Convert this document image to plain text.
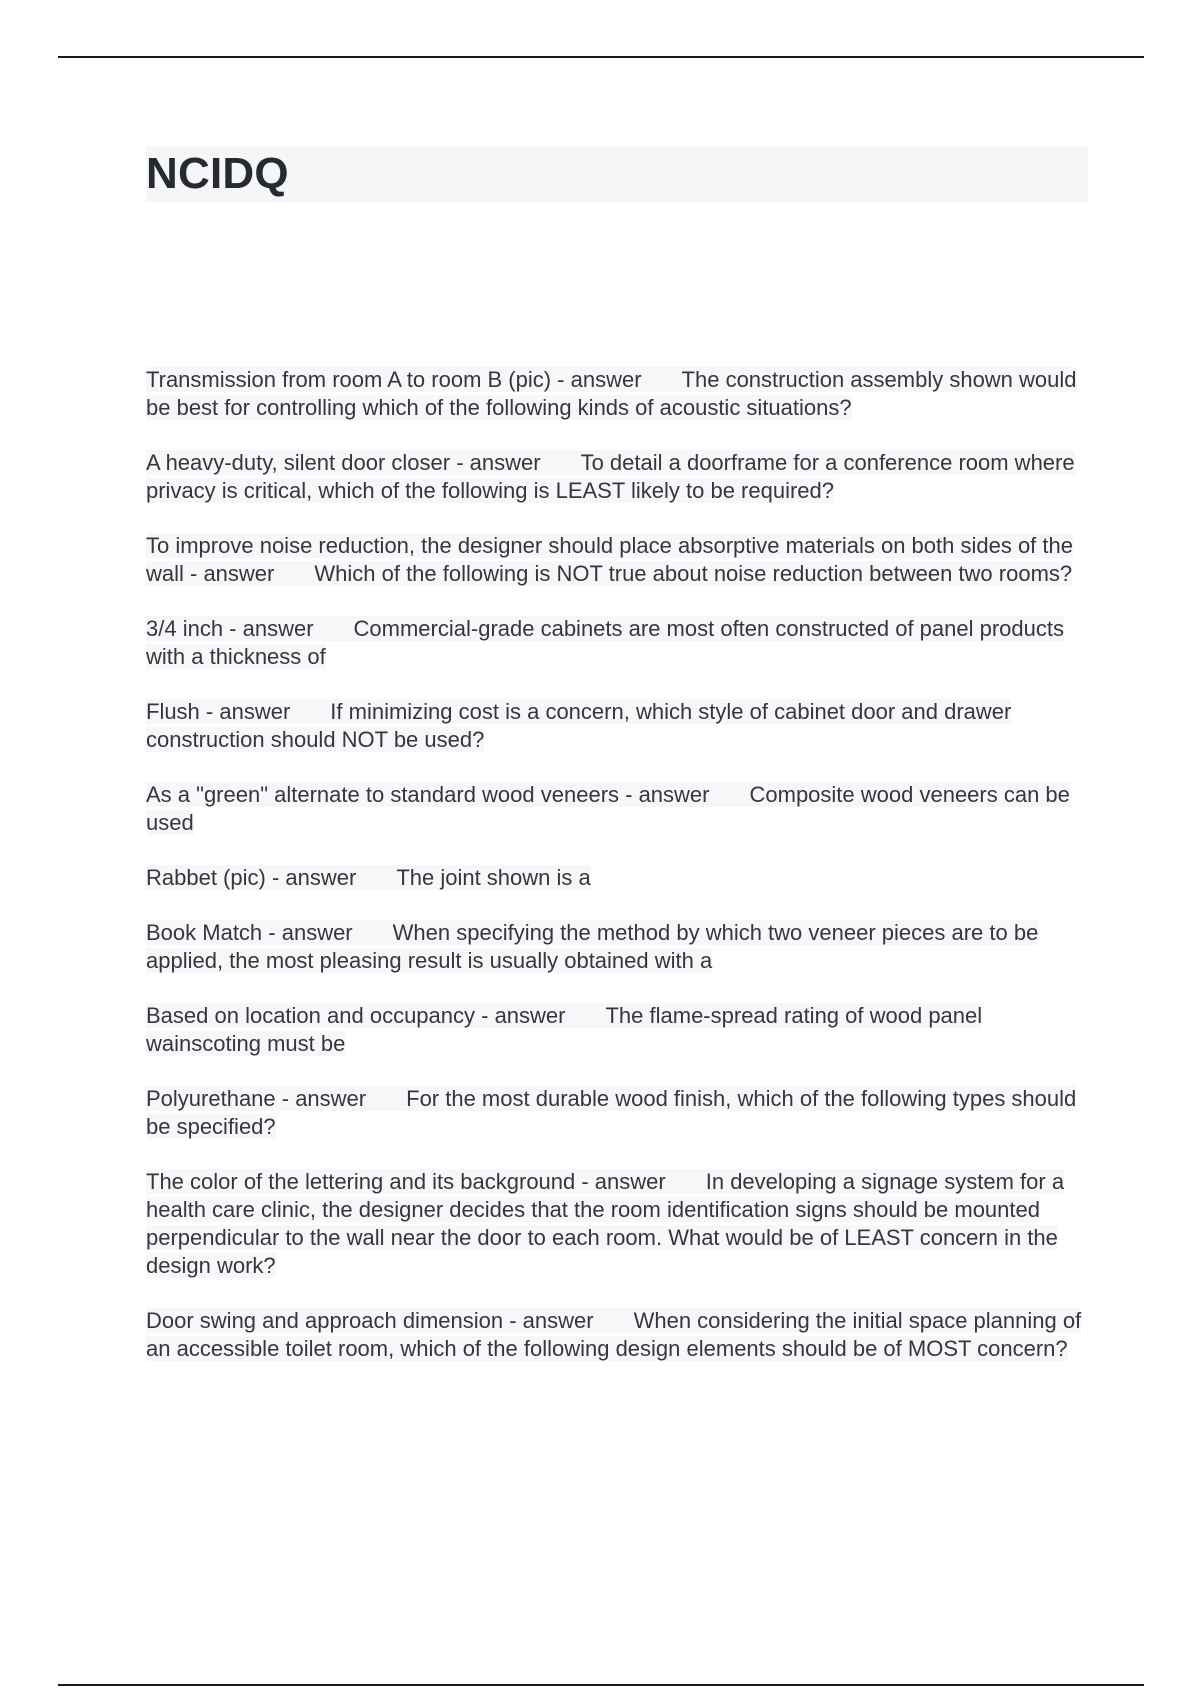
NCIDQ
Transmission from room A to room B (pic) - answer The construction assembly shown would be best for controlling which of the following kinds of acoustic situations?
A heavy-duty, silent door closer - answer To detail a doorframe for a conference room where privacy is critical, which of the following is LEAST likely to be required?
To improve noise reduction, the designer should place absorptive materials on both sides of the wall - answer Which of the following is NOT true about noise reduction between two rooms?
3/4 inch - answer Commercial-grade cabinets are most often constructed of panel products with a thickness of
Flush - answer If minimizing cost is a concern, which style of cabinet door and drawer construction should NOT be used?
As a "green" alternate to standard wood veneers - answer Composite wood veneers can be used
Rabbet (pic) - answer The joint shown is a
Book Match - answer When specifying the method by which two veneer pieces are to be applied, the most pleasing result is usually obtained with a
Based on location and occupancy - answer The flame-spread rating of wood panel wainscoting must be
Polyurethane - answer For the most durable wood finish, which of the following types should be specified?
The color of the lettering and its background - answer In developing a signage system for a health care clinic, the designer decides that the room identification signs should be mounted perpendicular to the wall near the door to each room. What would be of LEAST concern in the design work?
Door swing and approach dimension - answer When considering the initial space planning of an accessible toilet room, which of the following design elements should be of MOST concern?
